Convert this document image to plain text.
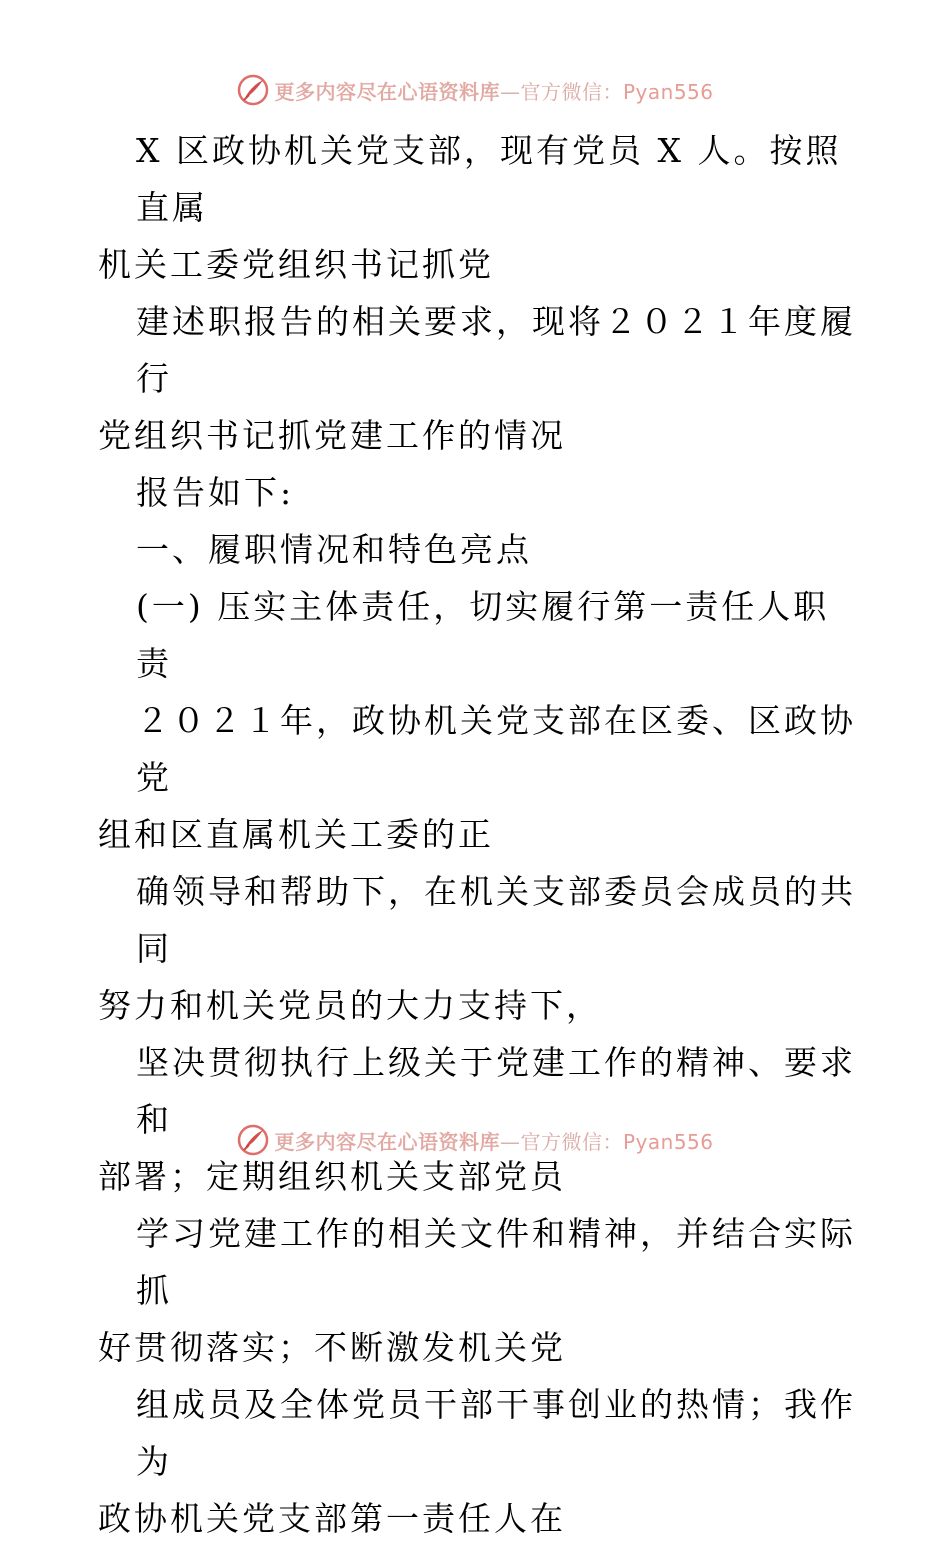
更多内容尽在心语资料库—官方微信：Pyan556
X 区政协机关党支部，现有党员 X 人。按照直属
机关工委党组织书记抓党
建述职报告的相关要求，现将２０２１年度履行
党组织书记抓党建工作的情况
报告如下:
一、履职情况和特色亮点
(一) 压实主体责任，切实履行第一责任人职责
２０２１年，政协机关党支部在区委、区政协党
组和区直属机关工委的正
确领导和帮助下，在机关支部委员会成员的共同
努力和机关党员的大力支持下，
坚决贯彻执行上级关于党建工作的精神、要求和
部署；定期组织机关支部党员
学习党建工作的相关文件和精神，并结合实际抓
好贯彻落实；不断激发机关党
组成员及全体党员干部干事创业的热情；我作为
政协机关党支部第一责任人在
更多内容尽在心语资料库—官方微信：Pyan556
